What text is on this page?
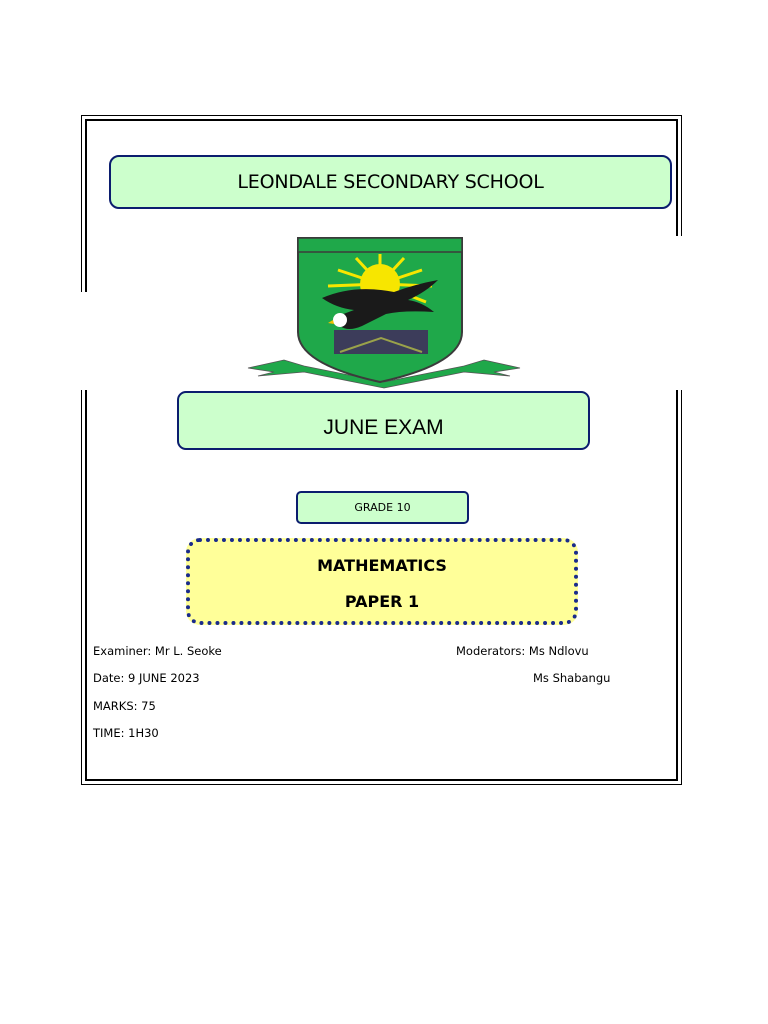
LEONDALE SECONDARY SCHOOL
JUNE EXAM
GRADE 10
MATHEMATICS
PAPER 1
Examiner: Mr L. Seoke
Date: 9 JUNE 2023
MARKS: 75
TIME: 1H30
Moderators: Ms Ndlovu
Ms Shabangu
